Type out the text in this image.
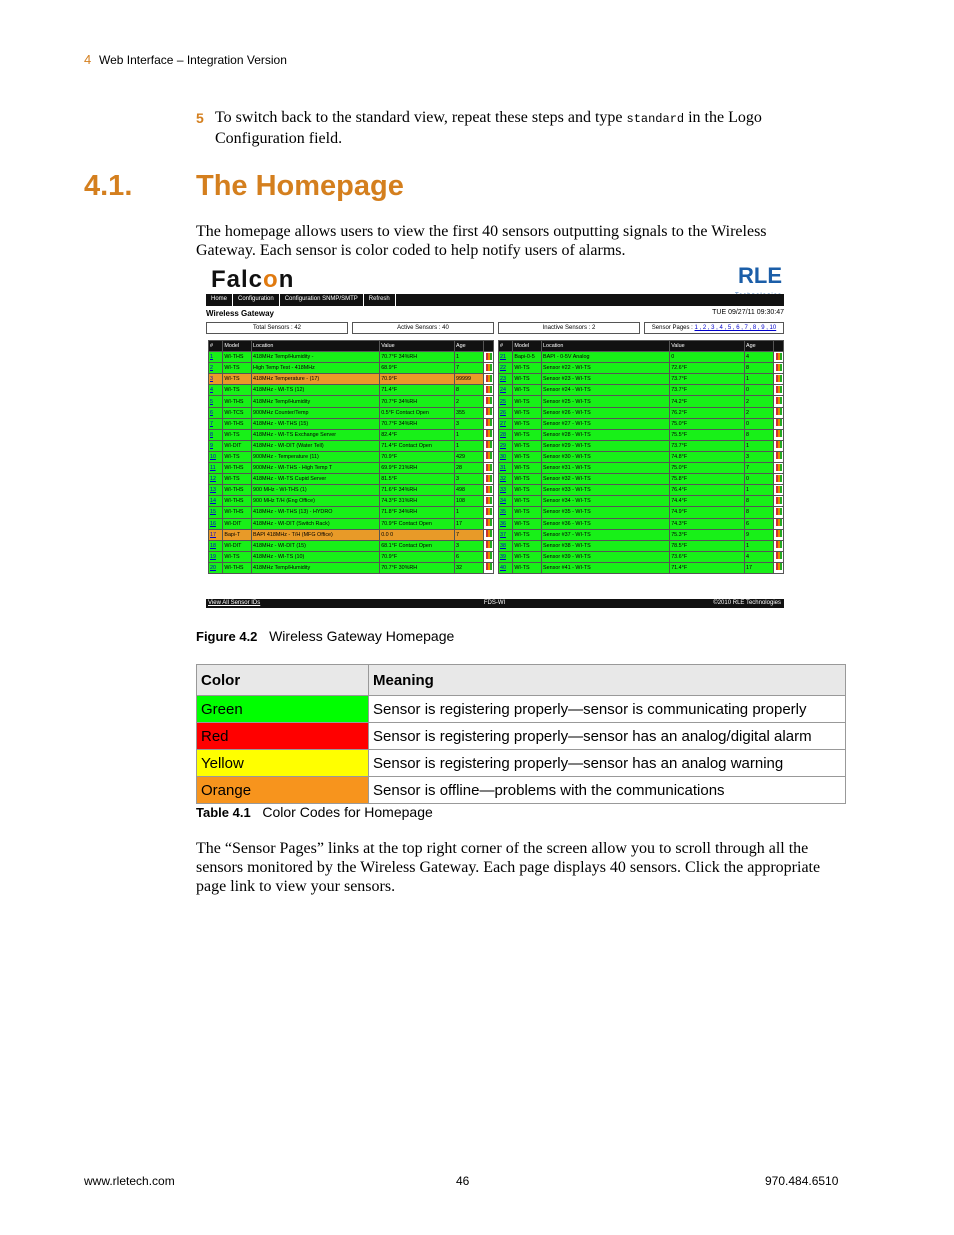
4 Web Interface – Integration Version
5 To switch back to the standard view, repeat these steps and type standard in the Logo Configuration field.
4.1. The Homepage
The homepage allows users to view the first 40 sensors outputting signals to the Wireless Gateway. Each sensor is color coded to help notify users of alarms.
Falcon	RLE
Home	Configuration	Configuration SNMP/SMTP	Refresh
Wireless Gateway	TUE 09/27/11 09:30:47
Total Sensors : 42	Active Sensors : 40	Inactive Sensors : 2	Sensor Pages : 1 , 2 , 3 , 4 , 5 , 6 , 7 , 8 , 9 , 10
#	Model	Location	Value	Age	
1	WI-THS	418MHz Temp/Humidity -	70.7°F 34%RH	1	
2	WI-TS	High Temp Test - 418MHz	68.9°F	7	
3	WI-TS	418MHz Temperature - (17)	70.9°F	99999	
4	WI-TS	418MHz - WI-TS (12)	71.4°F	8	
5	WI-THS	418MHz Temp/Humidity	70.7°F 34%RH	2	
6	WI-TCS	900MHz Counter/Temp	0.5°F Contact Open	355	
7	WI-THS	418MHz - WI-THS (15)	70.7°F 34%RH	3	
8	WI-TS	418MHz - WI-TS Exchange Server	82.4°F	1	
9	WI-DIT	418MHz - WI-DIT (Water Tell)	71.4°F Contact Open	1	
10	WI-TS	900MHz - Temperature (11)	70.9°F	429	
11	WI-THS	900MHz - WI-THS - High Temp T	69.9°F 21%RH	28	
12	WI-TS	418MHz - WI-TS Cupid Server	81.5°F	3	
13	WI-THS	900 MHz - WI-THS (1)	71.6°F 34%RH	498	
14	WI-THS	900 MHz T/H (Eng Office)	74.3°F 31%RH	108	
15	WI-THS	418MHz - WI-THS (13) - HYDRO	71.8°F 34%RH	1	
16	WI-DIT	418MHz - WI-DIT (Switch Rack)	70.9°F Contact Open	17	
17	Bapi-T	BAPI 418MHz - T/H (MFG Office)	0.0 0	7	
18	WI-DIT	418MHz - WI-DIT (15)	68.1°F Contact Open	3	
19	WI-TS	418MHz - WI-TS (10)	70.9°F	6	
20	WI-THS	418MHz Temp/Humidity	70.7°F 30%RH	32	
#	Model	Location	Value	Age	
21	Bapi-0-5	BAPI - 0-5V Analog	0	4	
22	WI-TS	Sensor #22 - WI-TS	72.6°F	8	
23	WI-TS	Sensor #23 - WI-TS	73.7°F	1	
24	WI-TS	Sensor #24 - WI-TS	73.7°F	0	
25	WI-TS	Sensor #25 - WI-TS	74.2°F	2	
26	WI-TS	Sensor #26 - WI-TS	76.2°F	2	
27	WI-TS	Sensor #27 - WI-TS	75.0°F	0	
28	WI-TS	Sensor #28 - WI-TS	75.5°F	8	
29	WI-TS	Sensor #29 - WI-TS	73.7°F	1	
30	WI-TS	Sensor #30 - WI-TS	74.8°F	3	
31	WI-TS	Sensor #31 - WI-TS	75.0°F	7	
32	WI-TS	Sensor #32 - WI-TS	75.8°F	0	
33	WI-TS	Sensor #33 - WI-TS	76.4°F	1	
34	WI-TS	Sensor #34 - WI-TS	74.4°F	8	
35	WI-TS	Sensor #35 - WI-TS	74.9°F	8	
36	WI-TS	Sensor #36 - WI-TS	74.3°F	6	
37	WI-TS	Sensor #37 - WI-TS	75.3°F	9	
38	WI-TS	Sensor #38 - WI-TS	78.5°F	1	
39	WI-TS	Sensor #39 - WI-TS	73.6°F	4	
40	WI-TS	Sensor #41 - WI-TS	71.4°F	17	
View All Sensor IDs	FDS-WI	©2010 RLE Technologies
Figure 4.2 Wireless Gateway Homepage
Color	Meaning
Green	Sensor is registering properly—sensor is communicating properly
Red	Sensor is registering properly—sensor has an analog/digital alarm
Yellow	Sensor is registering properly—sensor has an analog warning
Orange	Sensor is offline—problems with the communications
Table 4.1 Color Codes for Homepage
The “Sensor Pages” links at the top right corner of the screen allow you to scroll through all the sensors monitored by the Wireless Gateway. Each page displays 40 sensors. Click the appropriate page link to view your sensors.
www.rletech.com	46	970.484.6510
